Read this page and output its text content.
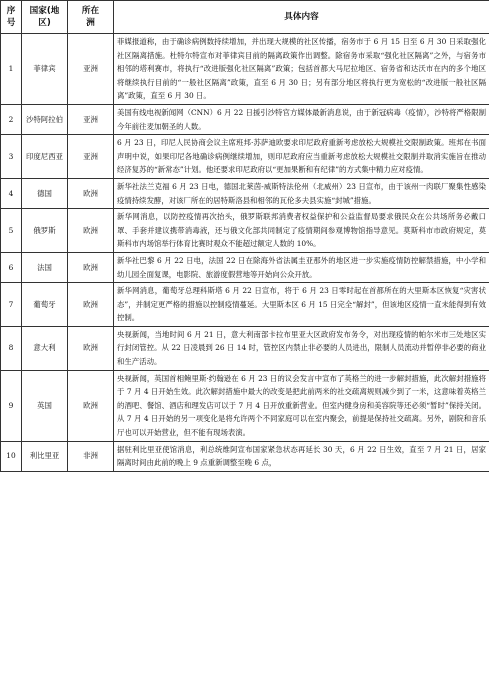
序
号	国家(地
区)	所在
洲	具体内容
1	菲律宾	亚洲	菲媒报道称，由于确诊病例数持续增加，并出现大规模的社区传播，宿务市于 6 月 15 日至 6 月 30 日采取强化社区隔离措施。杜特尔特宣布对菲律宾目前的隔离政策作出调整。除宿务市采取“强化社区隔离”之外，与宿务市相邻的塔利赛市，将执行“改进版强化社区隔离”政策；包括首都大马尼拉地区、宿务省和达沃市在内的多个地区将继续执行目前的“一般社区隔离”政策，直至 6 月 30 日；另有部分地区将执行更为宽松的“改进版一般社区隔离”政策，直至 6 月 30 日。
2	沙特阿拉伯	亚洲	美国有线电视新闻网（CNN）6 月 22 日援引沙特官方媒体最新消息说，由于新冠病毒（疫情），沙特将严格限制今年前往麦加朝圣的人数。
3	印度尼西亚	亚洲	6 月 23 日，印尼人民协商会议主席班邦·苏萨迪欧要求印尼政府重新考虑放松大规模社交限制政策。班邦在书面声明中说，如果印尼各地确诊病例继续增加，则印尼政府应当重新考虑放松大规模社交限制并取消实施旨在推动经济复苏的“新常态”计划。他还要求印尼政府以“更加果断和有纪律”的方式集中精力应对疫情。
4	德国	欧洲	新华社法兰克福 6 月 23 日电，德国北莱茵-威斯特法伦州（北威州）23 日宣布，由于该州一肉联厂聚集性感染疫情持续发酵，对该厂所在的居特斯洛县和相邻的瓦伦多夫县实施“封城”措施。
5	俄罗斯	欧洲	新华网消息，以防控疫情再次抬头，俄罗斯联邦消费者权益保护和公益监督局要求俄民众在公共场所务必戴口罩、手套并建议携带消毒液，还与俄文化部共同制定了疫情期间参观博物馆指导意见。莫斯科市市政府规定，莫斯科市内场馆举行体育比赛时观众不能超过额定人数的 10%。
6	法国	欧洲	新华社巴黎 6 月 22 日电，法国 22 日在除海外省法属圭亚那外的地区进一步实施疫情防控解禁措施，中小学和幼儿园全面复课，电影院、旅游度假营地等开始向公众开放。
7	葡萄牙	欧洲	新华网消息，葡萄牙总理科斯塔 6 月 22 日宣布，将于 6 月 23 日零时起在首都所在的大里斯本区恢复“灾害状态”，并制定更严格的措施以控制疫情蔓延。大里斯本区 6 月 15 日完全“解封”，但该地区疫情一直未能得到有效控制。
8	意大利	欧洲	央视新闻，当地时间 6 月 21 日，意大利南部卡拉布里亚大区政府发布务令，对出现疫情的帕尔米市三处地区实行封闭管控。从 22 日凌晨到 26 日 14 时，管控区内禁止非必要的人员进出，限制人员流动并暂停非必要的商业和生产活动。
9	英国	欧洲	央视新闻，英国首相鲍里斯·约翰逊在 6 月 23 日的议会发言中宣布了英格兰的进一步解封措施，此次解封措施将于 7 月 4 日开始生效。此次解封措施中最大的改变是把此前两米的社交疏离规则减少到了一米，这意味着英格兰的酒吧、餐馆、酒店和理发店可以于 7 月 4 日开放重新营业。但室内健身房和美容院等还必须“暂时”保持关闭。从 7 月 4 日开始的另一项变化是将允许两个不同家庭可以在室内聚会，前提是保持社交疏离。另外，剧院和音乐厅也可以开始营业，但不能有现场表演。
10	利比里亚	非洲	据驻利比里亚使馆消息，利总统维阿宣布国家紧急状态再延长 30 天，6 月 22 日生效，直至 7 月 21 日，居家隔离时间由此前的晚上 9 点重新调整至晚 6 点，
